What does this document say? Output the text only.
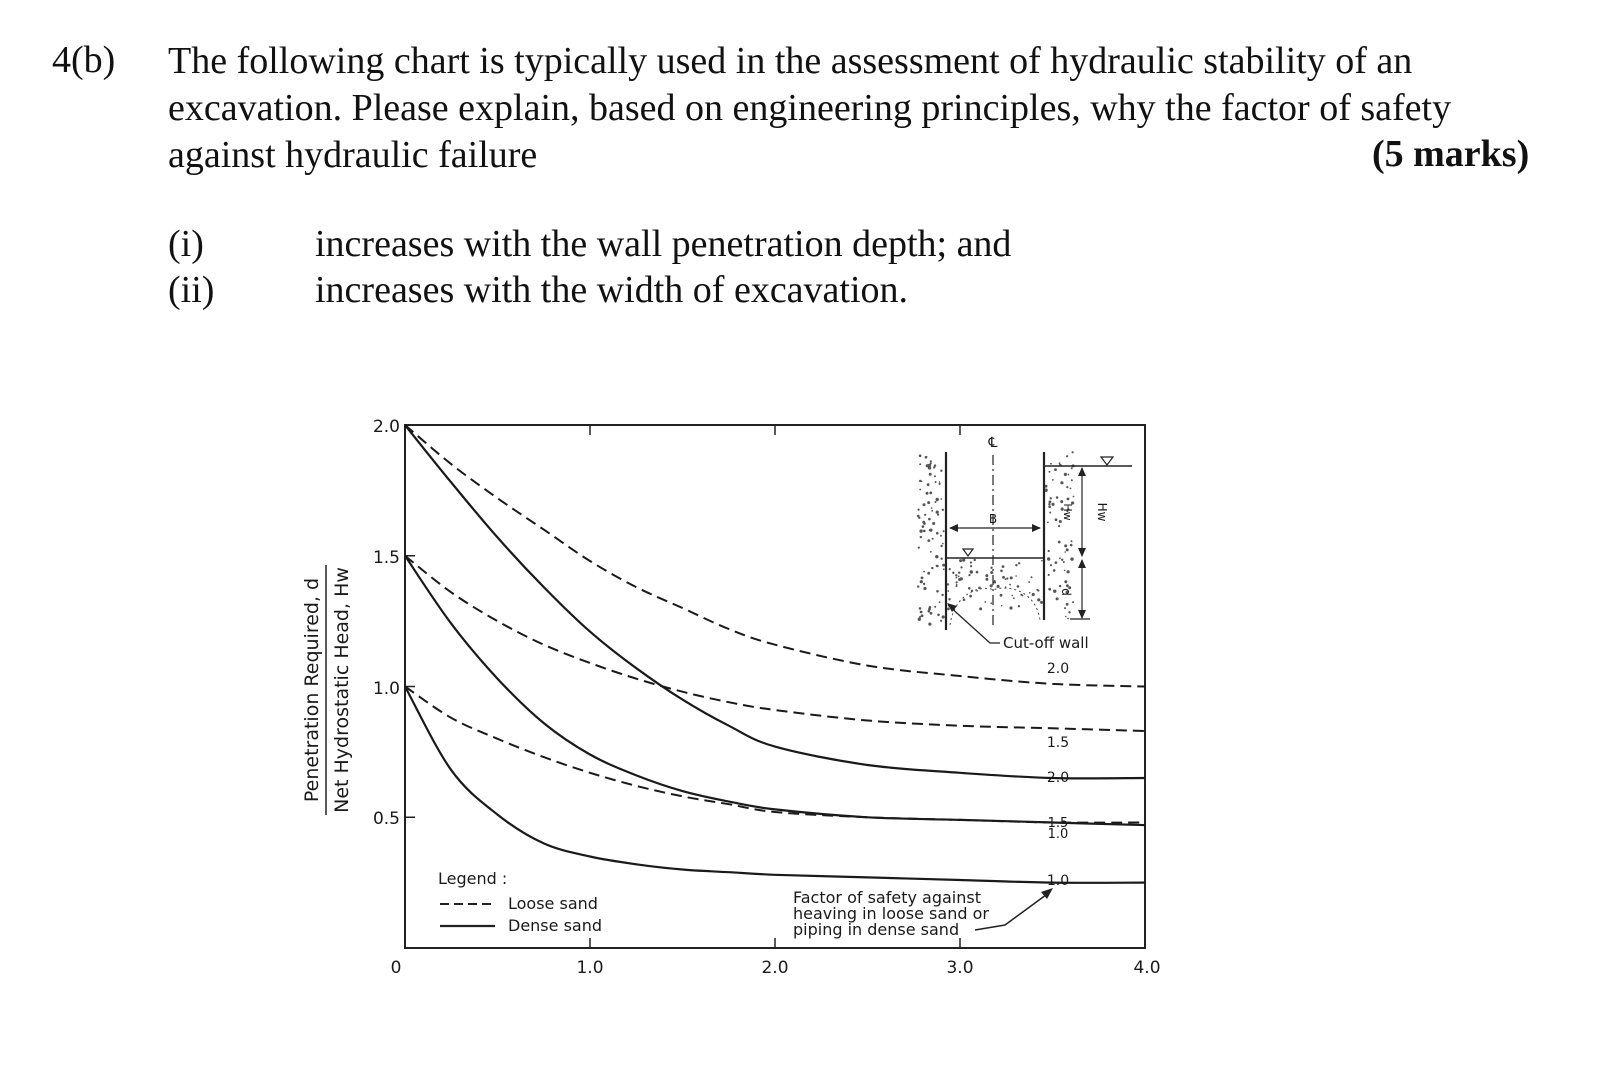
4(b) The following chart is typically used in the assessment of hydraulic stability of an
excavation. Please explain, based on engineering principles, why the factor of safety
against hydraulic failure	(5 marks)
(i)	increases with the wall penetration depth; and
(ii)	increases with the width of excavation.
Penetration Required, d Net Hydrostatic Head, Hw
2.0
1.5
1.0
0.5
0	1.0	2.0	3.0	4.0
2.0
1.5
2.0
1.5
1.0
1.0
Legend :
Loose sand
Dense sand
Factor of safety against
heaving in loose sand or
piping in dense sand
℄
B	Hw
Hw
d
Cut-off wall
